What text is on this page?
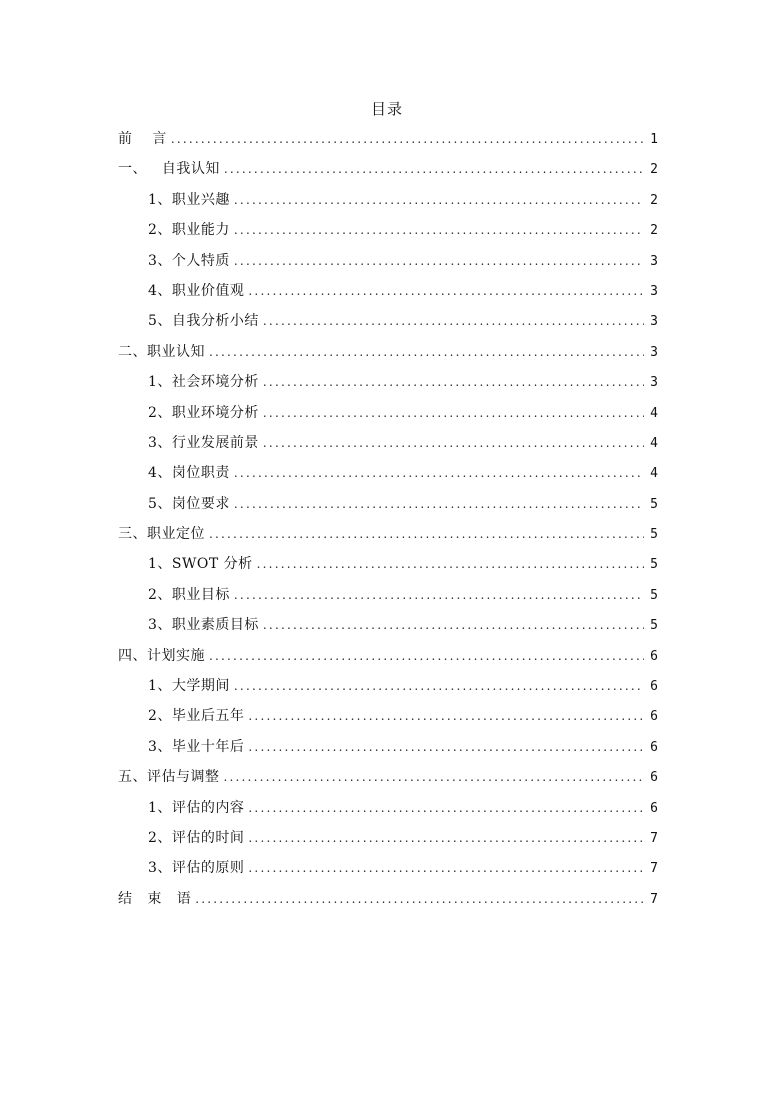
目录
前    言 .....	1
一、   自我认知 .....	2
1、职业兴趣 .....	2
2、职业能力 .....	2
3、个人特质 .....	3
4、职业价值观 .....	3
5、自我分析小结 .....	3
二、职业认知 .....	3
1、社会环境分析 .....	3
2、职业环境分析 .....	4
3、行业发展前景 .....	4
4、岗位职责 .....	4
5、岗位要求 .....	5
三、职业定位 .....	5
1、SWOT 分析 .....	5
2、职业目标 .....	5
3、职业素质目标 .....	5
四、计划实施 .....	6
1、大学期间 .....	6
2、毕业后五年 .....	6
3、毕业十年后 .....	6
五、评估与调整 .....	6
1、评估的内容 .....	6
2、评估的时间 .....	7
3、评估的原则 .....	7
结   束   语 .....	7
